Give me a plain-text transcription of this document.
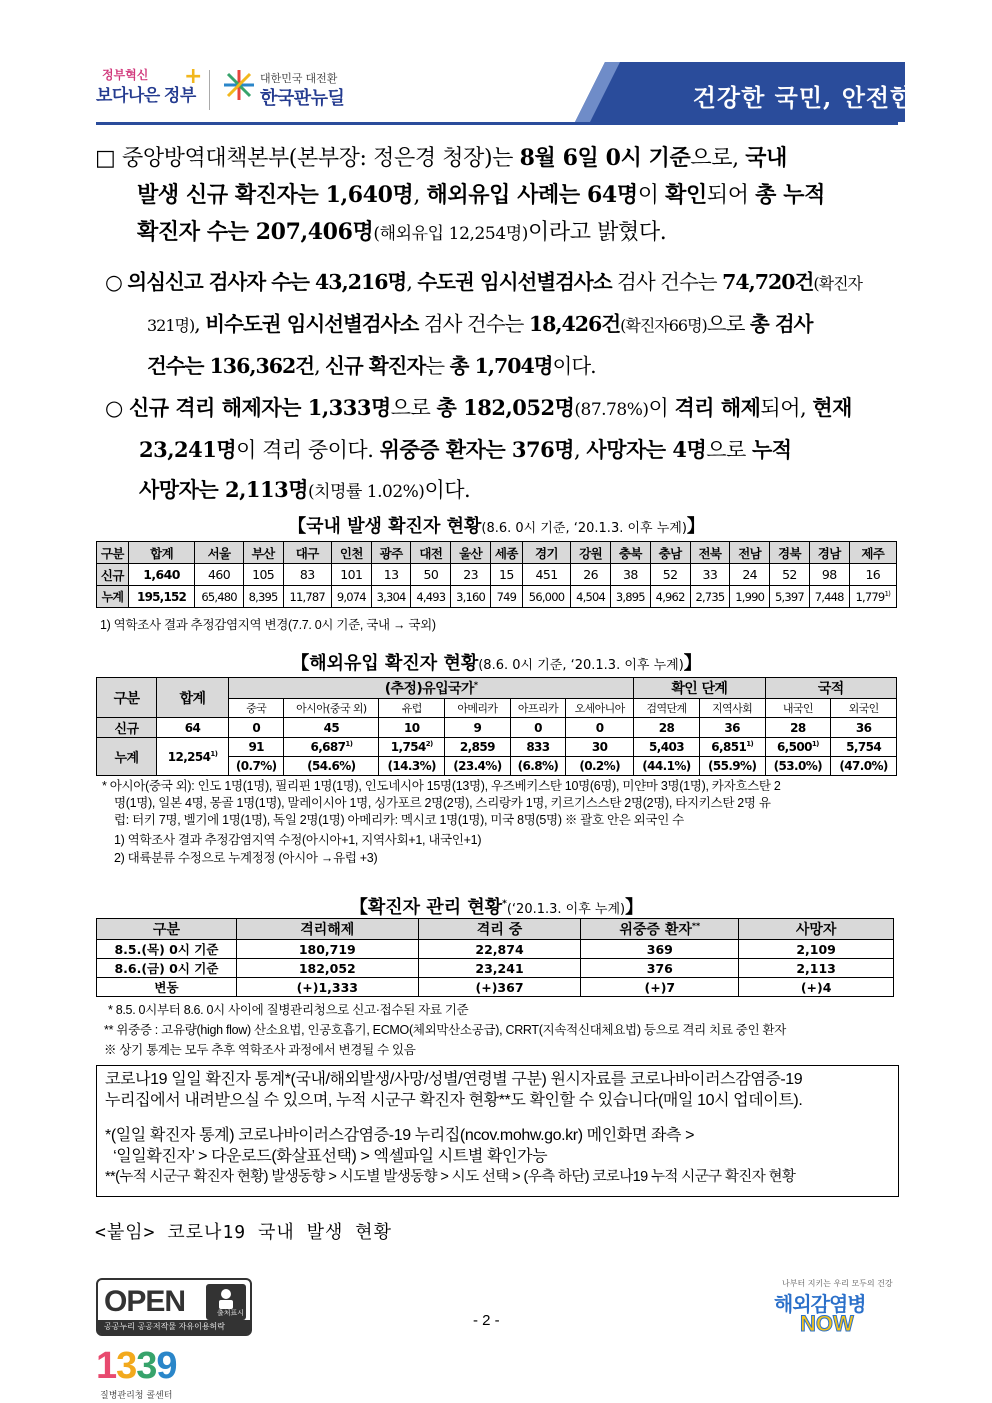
정부혁신
보다나은 정부
+	대한민국 대전환
한국판뉴딜	건강한 국민, 안전한 사회
□ 중앙방역대책본부(본부장: 정은경 청장)는 8월 6일 0시 기준으로, 국내
발생 신규 확진자는 1,640명, 해외유입 사례는 64명이 확인되어 총 누적
확진자 수는 207,406명(해외유입 12,254명)이라고 밝혔다.
○ 의심신고 검사자 수는 43,216명, 수도권 임시선별검사소 검사 건수는 74,720건(확진자
321명), 비수도권 임시선별검사소 검사 건수는 18,426건(확진자66명)으로 총 검사
건수는 136,362건, 신규 확진자는 총 1,704명이다.
○ 신규 격리 해제자는 1,333명으로 총 182,052명(87.78%)이 격리 해제되어, 현재
23,241명이 격리 중이다. 위중증 환자는 376명, 사망자는 4명으로 누적
사망자는 2,113명(치명률 1.02%)이다.
【국내 발생 확진자 현황(8.6. 0시 기준, ‘20.1.3. 이후 누계)】
구분	합계	서울	부산	대구	인천	광주	대전	울산	세종	경기	강원	충북	충남	전북	전남	경북	경남	제주
신규	1,640	460	105	83	101	13	50	23	15	451	26	38	52	33	24	52	98	16
누계	195,152	65,480	8,395	11,787	9,074	3,304	4,493	3,160	749	56,000	4,504	3,895	4,962	2,735	1,990	5,397	7,448	1,779$^{1)}$
1) 역학조사 결과 추정감염지역 변경(7.7. 0시 기준, 국내 → 국외)
【해외유입 확진자 현황(8.6. 0시 기준, ‘20.1.3. 이후 누계)】
구분	합계	(추정)유입국가*						확인 단계		국적	
		중국	아시아(중국 외)	유럽	아메리카	아프리카	오세아니아	검역단계	지역사회	내국인	외국인
신규	64	0	45	10	9	0	0	28	36	28	36
누계	12,254$^{1)}$	91	6,687$^{1)}$	1,754$^{2)}$	2,859	833	30	5,403	6,851$^{1)}$	6,500$^{1)}$	5,754
		(0.7%)	(54.6%)	(14.3%)	(23.4%)	(6.8%)	(0.2%)	(44.1%)	(55.9%)	(53.0%)	(47.0%)
* 아시아(중국 외): 인도 1명(1명), 필리핀 1명(1명), 인도네시아 15명(13명), 우즈베키스탄 10명(6명), 미얀마 3명(1명), 카자흐스탄 2
명(1명), 일본 4명, 몽골 1명(1명), 말레이시아 1명, 싱가포르 2명(2명), 스리랑카 1명, 키르기스스탄 2명(2명), 타지키스탄 2명 유
럽: 터키 7명, 벨기에 1명(1명), 독일 2명(1명) 아메리카: 멕시코 1명(1명), 미국 8명(5명) ※ 괄호 안은 외국인 수
1) 역학조사 결과 추정감염지역 수정(아시아+1, 지역사회+1, 내국인+1)
2) 대륙분류 수정으로 누계정정 (아시아 →유럽 +3)
【확진자 관리 현황*(‘20.1.3. 이후 누계)】
구분	격리해제	격리 중	위중증 환자**	사망자
8.5.(목) 0시 기준	180,719	22,874	369	2,109
8.6.(금) 0시 기준	182,052	23,241	376	2,113
변동	(+)1,333	(+)367	(+)7	(+)4
* 8.5. 0시부터 8.6. 0시 사이에 질병관리청으로 신고·접수된 자료 기준
** 위중증 : 고유량(high flow) 산소요법, 인공호흡기, ECMO(체외막산소공급), CRRT(지속적신대체요법) 등으로 격리 치료 중인 환자
※ 상기 통계는 모두 추후 역학조사 과정에서 변경될 수 있음
코로나19 일일 확진자 통계*(국내/해외발생/사망/성별/연령별 구분) 원시자료를 코로나바이러스감염증-19
누리집에서 내려받으실 수 있으며, 누적 시군구 확진자 현황**도 확인할 수 있습니다(매일 10시 업데이트).
*(일일 확진자 통계) 코로나바이러스감염증-19 누리집(ncov.mohw.go.kr) 메인화면 좌측 >
‘일일확진자’ > 다운로드(화살표선택) > 엑셀파일 시트별 확인가능
**(누적 시군구 확진자 현황) 발생동향 > 시도별 발생동향 > 시도 선택 > (우측 하단) 코로나19 누적 시군구 확진자 현황
<붙임> 코로나19 국내 발생 현황
OPEN	출처표시
공공누리 공공저작물 자유이용허락	- 2 -
1339
질병관리청 콜센터
나부터 지키는 우리 모두의 건강
해외감염병
NOW
